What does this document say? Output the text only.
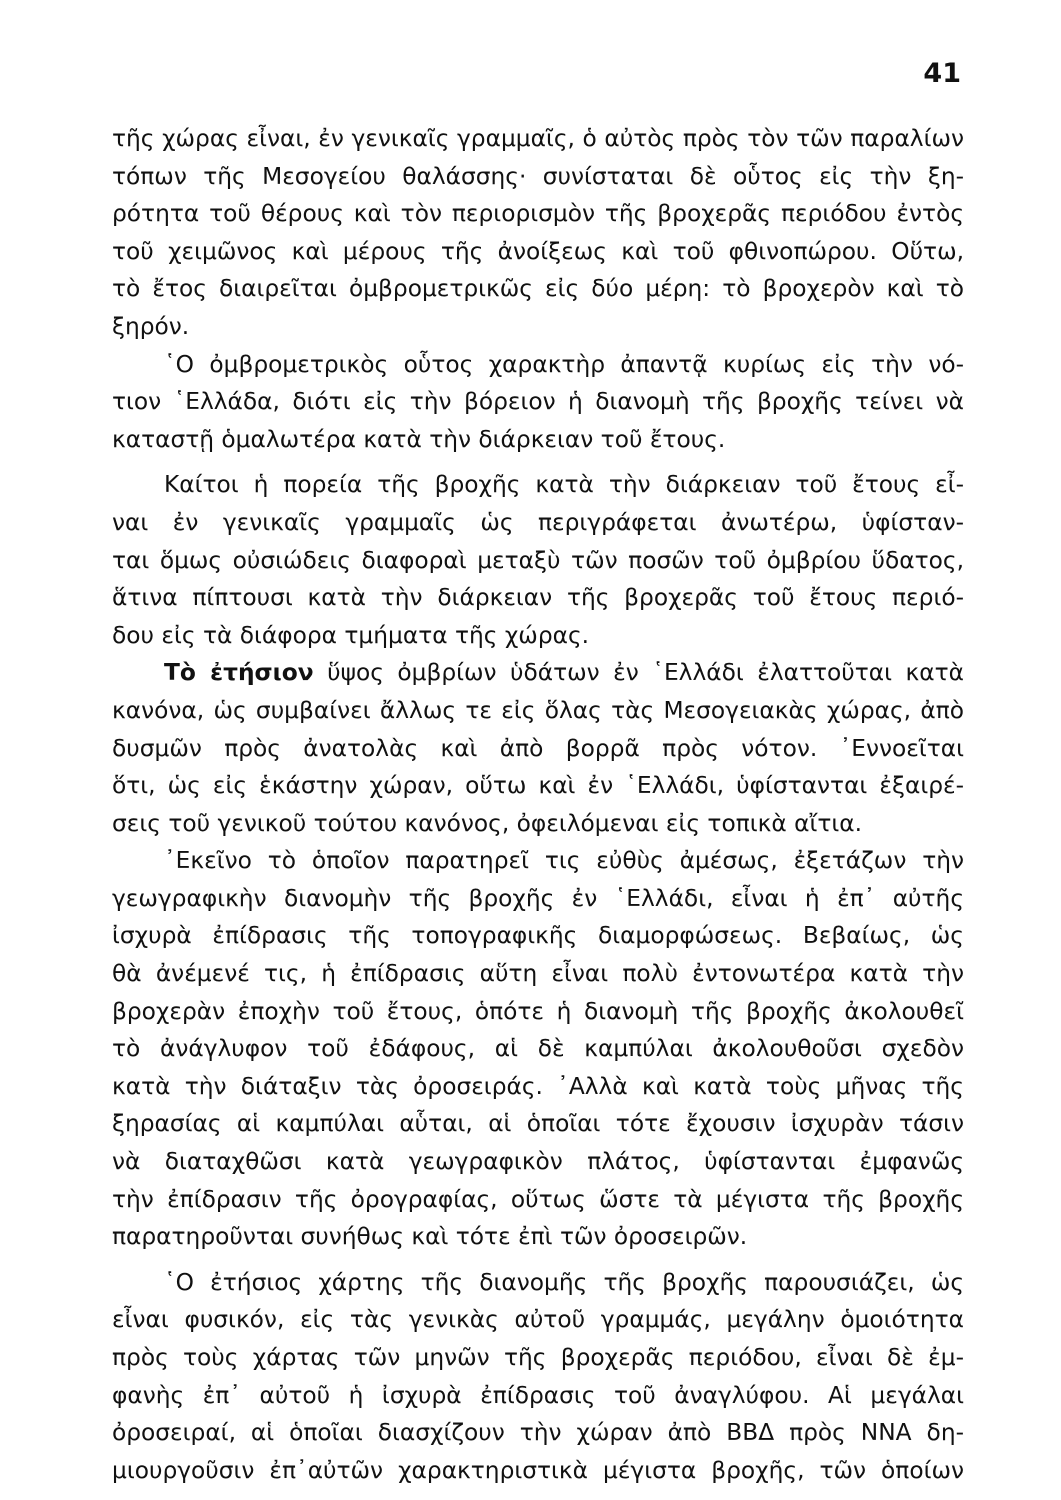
41
τῆς χώρας εἶναι, ἐν γενικαῖς γραμμαῖς, ὁ αὐτὸς πρὸς τὸν τῶν παραλίων
τόπων τῆς Μεσογείου θαλάσσης· συνίσταται δὲ οὗτος εἰς τὴν ξη-
ρότητα τοῦ θέρους καὶ τὸν περιορισμὸν τῆς βροχερᾶς περιόδου ἐντὸς
τοῦ χειμῶνος καὶ μέρους τῆς ἀνοίξεως καὶ τοῦ φθινοπώρου. Οὕτω,
τὸ ἔτος διαιρεῖται ὀμβρομετρικῶς εἰς δύο μέρη: τὸ βροχερὸν καὶ τὸ
ξηρόν.
῾Ο ὀμβρομετρικὸς οὗτος χαρακτὴρ ἀπαντᾷ κυρίως εἰς τὴν νό-
τιον ῾Ελλάδα, διότι εἰς τὴν βόρειον ἡ διανομὴ τῆς βροχῆς τείνει νὰ
καταστῇ ὁμαλωτέρα κατὰ τὴν διάρκειαν τοῦ ἔτους.
Καίτοι ἡ πορεία τῆς βροχῆς κατὰ τὴν διάρκειαν τοῦ ἔτους εἶ-
ναι ἐν γενικαῖς γραμμαῖς ὡς περιγράφεται ἀνωτέρω, ὑφίσταν-
ται ὅμως οὐσιώδεις διαφοραὶ μεταξὺ τῶν ποσῶν τοῦ ὀμβρίου ὕδατος,
ἅτινα πίπτουσι κατὰ τὴν διάρκειαν τῆς βροχερᾶς τοῦ ἔτους περιό-
δου εἰς τὰ διάφορα τμήματα τῆς χώρας.
Τὸ ἐτήσιον ὕψος ὀμβρίων ὑδάτων ἐν ῾Ελλάδι ἐλαττοῦται κατὰ
κανόνα, ὡς συμβαίνει ἄλλως τε εἰς ὅλας τὰς Μεσογειακὰς χώρας, ἀπὸ
δυσμῶν πρὸς ἀνατολὰς καὶ ἀπὸ βορρᾶ πρὸς νότον. ᾿Εννοεῖται
ὅτι, ὡς εἰς ἑκάστην χώραν, οὕτω καὶ ἐν ῾Ελλάδι, ὑφίστανται ἐξαιρέ-
σεις τοῦ γενικοῦ τούτου κανόνος, ὀφειλόμεναι εἰς τοπικὰ αἴτια.
᾿Εκεῖνο τὸ ὁποῖον παρατηρεῖ τις εὐθὺς ἀμέσως, ἐξετάζων τὴν
γεωγραφικὴν διανομὴν τῆς βροχῆς ἐν ῾Ελλάδι, εἶναι ἡ ἐπ᾿ αὐτῆς
ἰσχυρὰ ἐπίδρασις τῆς τοπογραφικῆς διαμορφώσεως. Βεβαίως, ὡς
θὰ ἀνέμενέ τις, ἡ ἐπίδρασις αὕτη εἶναι πολὺ ἐντονωτέρα κατὰ τὴν
βροχερὰν ἐποχὴν τοῦ ἔτους, ὁπότε ἡ διανομὴ τῆς βροχῆς ἀκολουθεῖ
τὸ ἀνάγλυφον τοῦ ἐδάφους, αἱ δὲ καμπύλαι ἀκολουθοῦσι σχεδὸν
κατὰ τὴν διάταξιν τὰς ὀροσειράς. ᾿Αλλὰ καὶ κατὰ τοὺς μῆνας τῆς
ξηρασίας αἱ καμπύλαι αὗται, αἱ ὁποῖαι τότε ἔχουσιν ἰσχυρὰν τάσιν
νὰ διαταχθῶσι κατὰ γεωγραφικὸν πλάτος, ὑφίστανται ἐμφανῶς
τὴν ἐπίδρασιν τῆς ὀρογραφίας, οὕτως ὥστε τὰ μέγιστα τῆς βροχῆς
παρατηροῦνται συνήθως καὶ τότε ἐπὶ τῶν ὀροσειρῶν.
῾Ο ἐτήσιος χάρτης τῆς διανομῆς τῆς βροχῆς παρουσιάζει, ὡς
εἶναι φυσικόν, εἰς τὰς γενικὰς αὐτοῦ γραμμάς, μεγάλην ὁμοιότητα
πρὸς τοὺς χάρτας τῶν μηνῶν τῆς βροχερᾶς περιόδου, εἶναι δὲ ἐμ-
φανὴς ἐπ᾿ αὐτοῦ ἡ ἰσχυρὰ ἐπίδρασις τοῦ ἀναγλύφου. Αἱ μεγάλαι
ὀροσειραί, αἱ ὁποῖαι διασχίζουν τὴν χώραν ἀπὸ ΒΒΔ πρὸς ΝΝΑ δη-
μιουργοῦσιν ἐπ᾿αὐτῶν χαρακτηριστικὰ μέγιστα βροχῆς, τῶν ὁποίων
